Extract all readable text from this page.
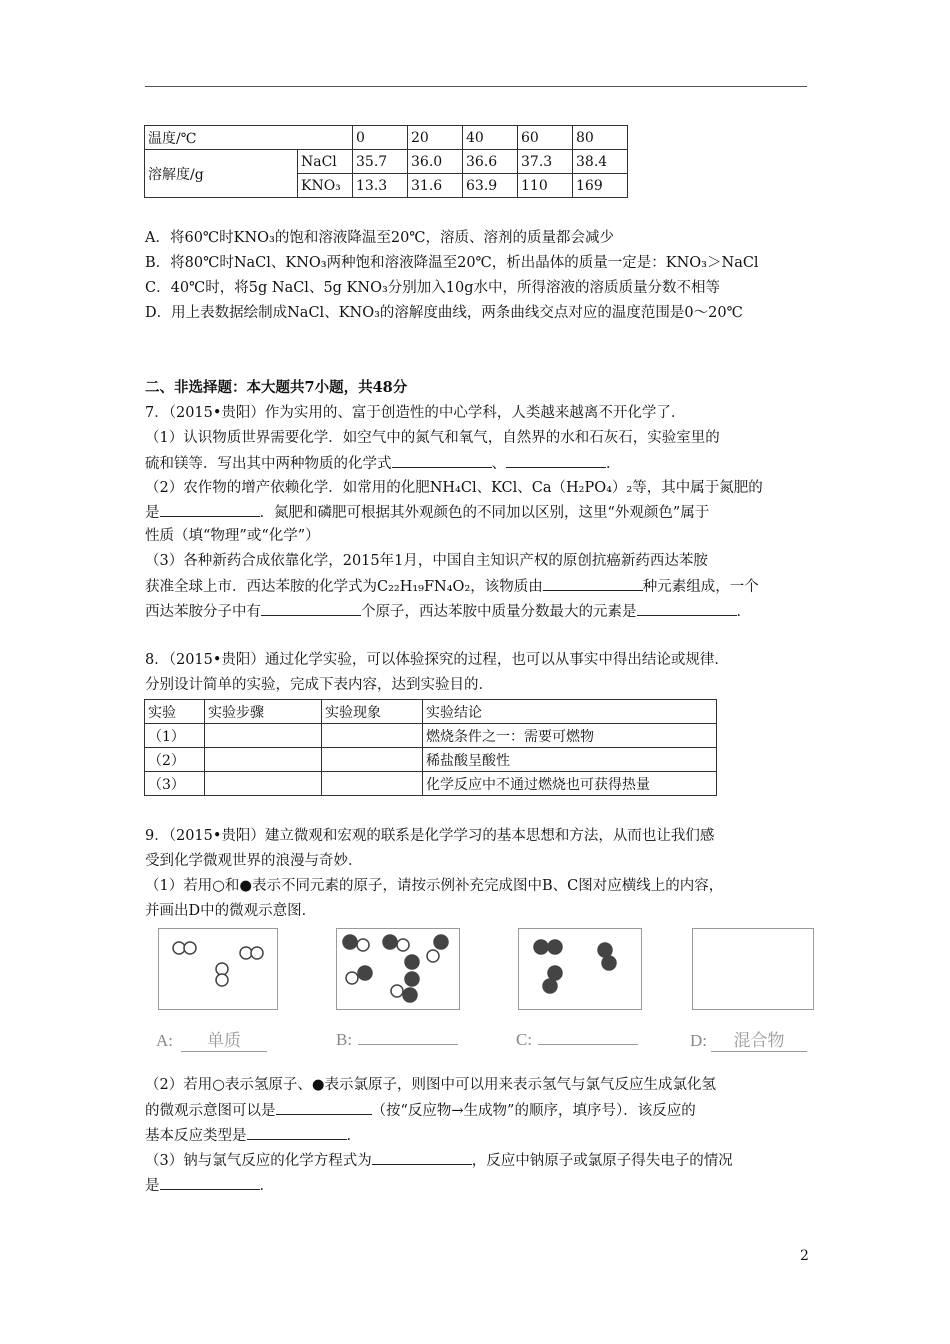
温度/℃		0	20	40	60	80	
溶解度/g	NaCl	35.7	36.0	36.6	37.3	38.4	
	KNO₃	13.3	31.6	63.9	110	169	
A．将60℃时KNO₃的饱和溶液降温至20℃，溶质、溶剂的质量都会减少
B．将80℃时NaCl、KNO₃两种饱和溶液降温至20℃，析出晶体的质量一定是：KNO₃＞NaCl
C．40℃时，将5g NaCl、5g KNO₃分别加入10g水中，所得溶液的溶质质量分数不相等
D．用上表数据绘制成NaCl、KNO₃的溶解度曲线，两条曲线交点对应的温度范围是0～20℃
二、非选择题：本大题共7小题，共48分
7．（2015•贵阳）作为实用的、富于创造性的中心学科，人类越来越离不开化学了．
（1）认识物质世界需要化学．如空气中的氮气和氧气，自然界的水和石灰石，实验室里的
硫和镁等．写出其中两种物质的化学式	、	．
（2）农作物的增产依赖化学．如常用的化肥NH₄Cl、KCl、Ca（H₂PO₄）₂等，其中属于氮肥的
是	．氮肥和磷肥可根据其外观颜色的不同加以区别，这里“外观颜色”属于
性质（填“物理”或“化学”）
（3）各种新药合成依靠化学，2015年1月，中国自主知识产权的原创抗癌新药西达苯胺
获准全球上市．西达苯胺的化学式为C₂₂H₁₉FN₄O₂，该物质由	种元素组成，一个
西达苯胺分子中有	个原子，西达苯胺中质量分数最大的元素是	．
8．（2015•贵阳）通过化学实验，可以体验探究的过程，也可以从事实中得出结论或规律．
分别设计简单的实验，完成下表内容，达到实验目的．
实验	实验步骤	实验现象	实验结论
（1）			燃烧条件之一：需要可燃物
（2）			稀盐酸呈酸性
（3）			化学反应中不通过燃烧也可获得热量
9．（2015•贵阳）建立微观和宏观的联系是化学学习的基本思想和方法，从而也让我们感
受到化学微观世界的浪漫与奇妙．
（1）若用○和●表示不同元素的原子，请按示例补充完成图中B、C图对应横线上的内容，
并画出D中的微观示意图．
A: 单质	B:	C:	D: 混合物
（2）若用○表示氢原子、●表示氯原子，则图中可以用来表示氢气与氯气反应生成氯化氢
的微观示意图可以是	（按“反应物→生成物”的顺序，填序号）．该反应的
基本反应类型是	．
（3）钠与氯气反应的化学方程式为	，反应中钠原子或氯原子得失电子的情况
是	．
2
